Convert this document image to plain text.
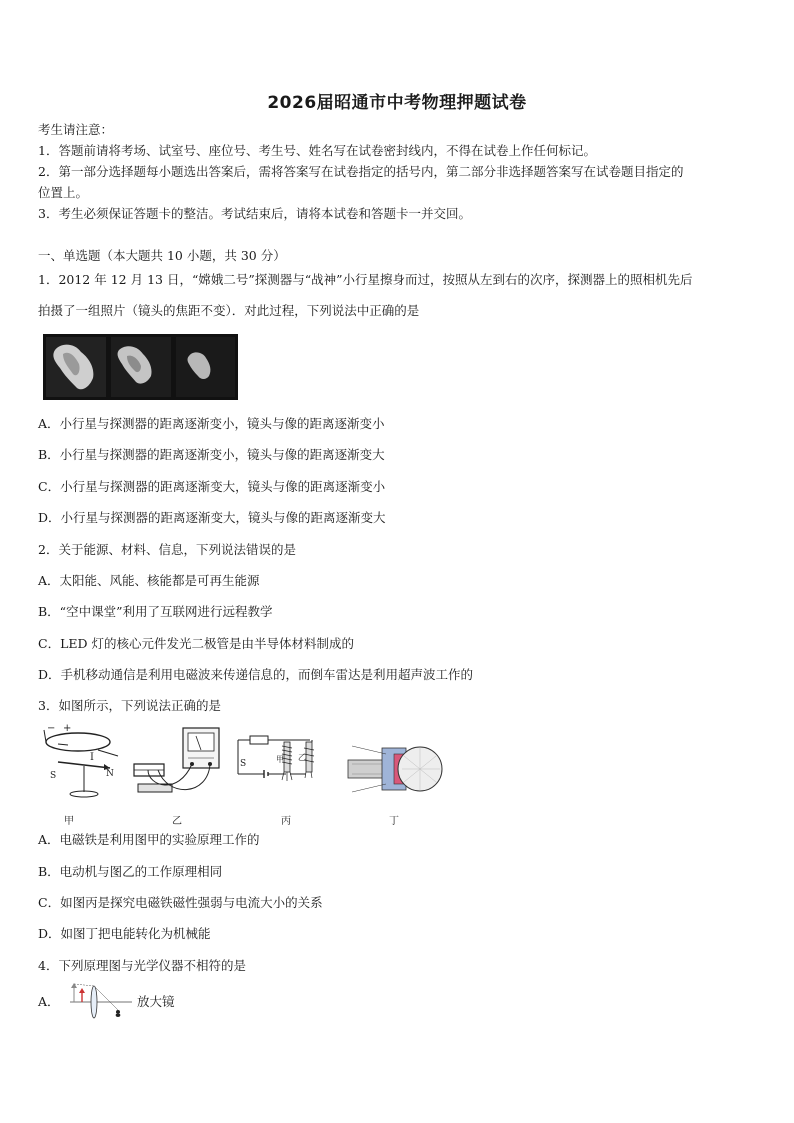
2026届昭通市中考物理押题试卷
考生请注意：
1．答题前请将考场、试室号、座位号、考生号、姓名写在试卷密封线内，不得在试卷上作任何标记。
2．第一部分选择题每小题选出答案后，需将答案写在试卷指定的括号内，第二部分非选择题答案写在试卷题目指定的
位置上。
3．考生必须保证答题卡的整洁。考试结束后，请将本试卷和答题卡一并交回。
一、单选题（本大题共 10 小题，共 30 分）
1．2012 年 12 月 13 日，“嫦娥二号”探测器与“战神”小行星擦身而过，按照从左到右的次序，探测器上的照相机先后
拍摄了一组照片（镜头的焦距不变）．对此过程，下列说法中正确的是
A．小行星与探测器的距离逐渐变小，镜头与像的距离逐渐变小
B．小行星与探测器的距离逐渐变小，镜头与像的距离逐渐变大
C．小行星与探测器的距离逐渐变大，镜头与像的距离逐渐变小
D．小行星与探测器的距离逐渐变大，镜头与像的距离逐渐变大
2．关于能源、材料、信息，下列说法错误的是
A．太阳能、风能、核能都是可再生能源
B．“空中课堂”利用了互联网进行远程教学
C．LED 灯的核心元件发光二极管是由半导体材料制成的
D．手机移动通信是利用电磁波来传递信息的，而倒车雷达是利用超声波工作的
3．如图所示，下列说法正确的是
− +
I
S	N
S	甲 乙
甲	乙	丙	丁
A．电磁铁是利用图甲的实验原理工作的
B．电动机与图乙的工作原理相同
C．如图丙是探究电磁铁磁性强弱与电流大小的关系
D．如图丁把电能转化为机械能
4．下列原理图与光学仪器不相符的是
A．	放大镜
